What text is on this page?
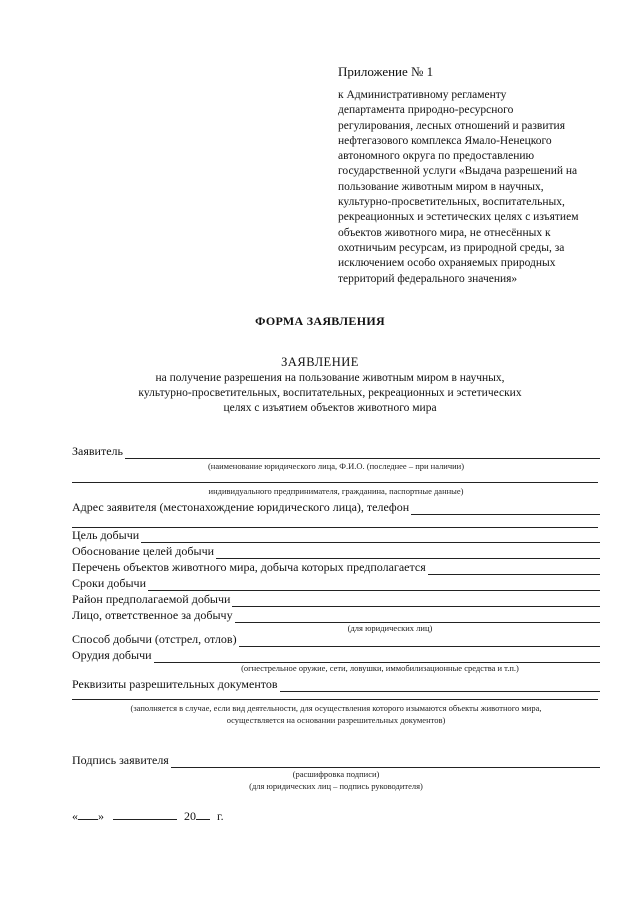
Приложение № 1
к Административному регламенту
департамента природно-ресурсного
регулирования, лесных отношений и развития
нефтегазового комплекса Ямало-Ненецкого
автономного округа по предоставлению
государственной услуги «Выдача разрешений на
пользование животным миром в научных,
культурно-просветительных, воспитательных,
рекреационных и эстетических целях с изъятием
объектов животного мира, не отнесённых к
охотничьим ресурсам, из природной среды, за
исключением особо охраняемых природных
территорий федерального значения»
ФОРМА ЗАЯВЛЕНИЯ
ЗАЯВЛЕНИЕ
на получение разрешения на пользование животным миром в научных,
культурно-просветительных, воспитательных, рекреационных и эстетических
целях с изъятием объектов животного мира
Заявитель
(наименование юридического лица, Ф.И.О. (последнее – при наличии)
индивидуального предпринимателя, гражданина, паспортные данные)
Адрес заявителя (местонахождение юридического лица), телефон
Цель добычи
Обоснование целей добычи
Перечень объектов животного мира, добыча которых предполагается
Сроки добычи
Район предполагаемой добычи
Лицо, ответственное за добычу
(для юридических лиц)
Способ добычи (отстрел, отлов)
Орудия добычи
(огнестрельное оружие, сети, ловушки, иммобилизационные средства и т.п.)
Реквизиты разрешительных документов
(заполняется в случае, если вид деятельности, для осуществления которого изымаются объекты животного мира,
осуществляется на основании разрешительных документов)
Подпись заявителя
(расшифровка подписи)
(для юридических лиц – подпись руководителя)
« »	20 г.
